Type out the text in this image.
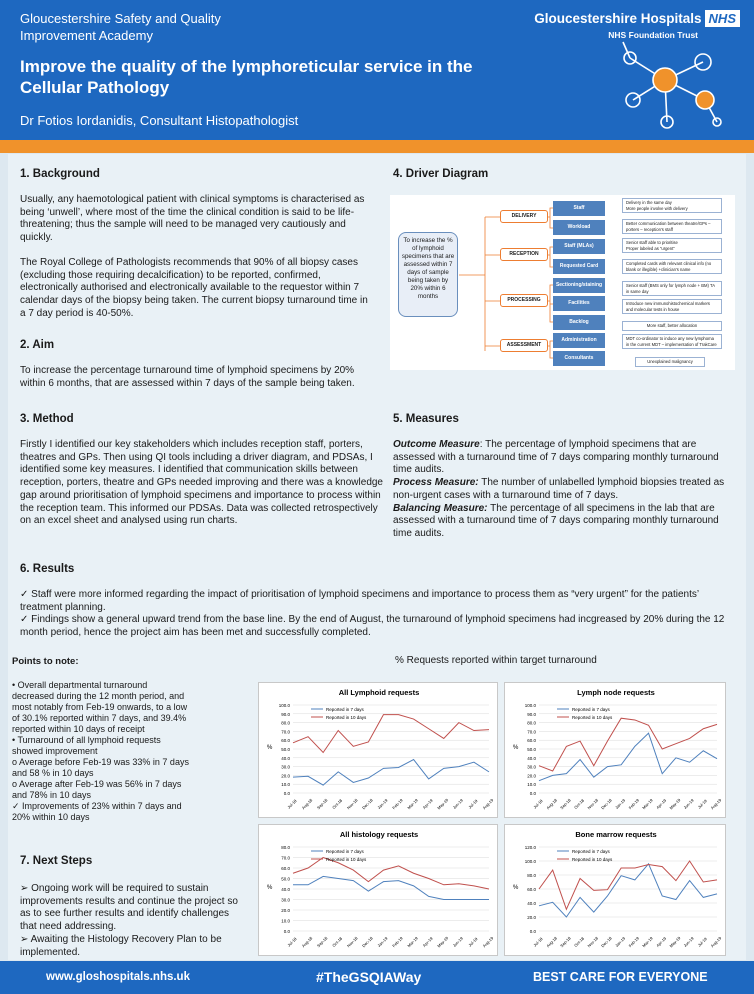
Gloucestershire Safety and Quality Improvement Academy
Gloucestershire Hospitals NHS
NHS Foundation Trust
Improve the quality of the lymphoreticular service in the Cellular Pathology
Dr Fotios Iordanidis, Consultant Histopathologist
1. Background

Usually, any haemotological patient with clinical symptoms is characterised as being ‘unwell’, where most of the time the clinical condition is said to be life-threatening; thus the sample will need to be managed very cautiously and quickly.

The Royal College of Pathologists recommends that 90% of all biopsy cases (excluding those requiring decalcification) to be reported, confirmed, electronically authorised and electronically available to the requestor within 7 calendar days of the biopsy being taken. The current biopsy turnaround time in a 7 day period is 40-50%.

2. Aim
To increase the percentage turnaround time of lymphoid specimens by 20% within 6 months, that are assessed within 7 days of the sample being taken.
3. Method
Firstly I identified our key stakeholders which includes reception staff, porters, theatres and GPs. Then using QI tools including a driver diagram, and PDSAs, I identified some key measures. I identified that communication skills between reception, porters, theatre and GPs needed improving and there was a knowledge gap around prioritisation of lymphoid specimens and importance to process within the reception team. This informed our PDSAs. Data was collected retrospectively on an excel sheet and analysed using run charts.
4. Driver Diagram
To increase the % of lymphoid specimens that are assessed within 7 days of sample being taken by 20% within 6 months
DELIVERY
RECEPTION
PROCESSING
ASSESSMENT
Staff
Workload
Staff (MLAs)
Requested Card
Sectioning/staining
Facilities
Backlog
Administration
Consultants
Delivery in the same day
More people involve with delivery
Better communication between theatre/GPs – porters – reception’s staff
Senior staff able to prioritise
Proper labeled as “urgent”
Completed cards with relevant clinical info (no blank or illegible) +clinician’s name
Senior staff (BMS only for lymph node + BM) TA in same day
Introduce new immunohistochemical markers and molecular tests in house
More staff, better allocation
MDT co-ordinator to induce any new lymphoma in the current MDT – implementation of TrakCare
Unexplained malignancy
5. Measures
Outcome Measure: The percentage of lymphoid specimens that are assessed with a turnaround time of 7 days comparing monthly turnaround time audits.
Process Measure: The number of unlabelled lymphoid biopsies treated as non-urgent cases with a turnaround time of 7 days.
Balancing Measure: The percentage of all specimens in the lab that are assessed with a turnaround time of 7 days comparing monthly turnaround time audits.
6. Results
✓ Staff were more informed regarding the impact of prioritisation of lymphoid specimens and importance to process them as “very urgent” for the patients’ treatment planning.
✓ Findings show a general upward trend from the base line. By the end of August, the turnaround of lymphoid specimens had incgreased by 20% during the 12 month period, hence the project aim has been met and successfully completed.
Points to note:
• Overall departmental turnaround decreased during the 12 month period, and most notably from Feb-19 onwards, to a low of 30.1% reported within 7 days, and 39.4% reported within 10 days of receipt
• Turnaround of all lymphoid requests showed improvement
o Average before Feb-19 was 33% in 7 days and 58 % in 10 days
o Average after Feb-19 was 56% in 7 days and 78% in 10 days
✓ Improvements of 23% within 7 days and 20% within 10 days
% Requests reported within target turnaround
All Lymphoid requests
0.0
10.0
20.0
30.0
40.0
50.0
60.0
70.0
80.0
90.0
100.0
%
Jul-18 Aug-18 Sep-18 Oct-18 Nov-18 Dec-18 Jan-19 Feb-19 Mar-19 Apr-19 May-19 Jun-19 Jul-19 Aug-19
Reported in 7 days
Reported in 10 days
Lymph node requests
0.0
10.0
20.0
30.0
40.0
50.0
60.0
70.0
80.0
90.0
100.0
%
Jul-18 Aug-18 Sep-18 Oct-18 Nov-18 Dec-18 Jan-19 Feb-19 Mar-19 Apr-19 May-19 Jun-19 Jul-19 Aug-19
Reported in 7 days
Reported in 10 days
All histology requests
0.0
10.0
20.0
30.0
40.0
50.0
60.0
70.0
80.0
%
Jul-18 Aug-18 Sep-18 Oct-18 Nov-18 Dec-18 Jan-19 Feb-19 Mar-19 Apr-19 May-19 Jun-19 Jul-19 Aug-19
Reported in 7 days
Reported in 10 days
Bone marrow requests
0.0
20.0
40.0
60.0
80.0
100.0
120.0
%
Jul-18 Aug-18 Sep-18 Oct-18 Nov-18 Dec-18 Jan-19 Feb-19 Mar-19 Apr-19 May-19 Jun-19 Jul-19 Aug-19
Reported in 7 days
Reported in 10 days
7. Next Steps
➢ Ongoing work will be required to sustain improvements results and continue the project so as to see further results and identify challenges that need addressing.
➢ Awaiting the Histology Recovery Plan to be implemented.
www.gloshospitals.nhs.uk	#TheGSQIAWay	BEST CARE FOR EVERYONE
